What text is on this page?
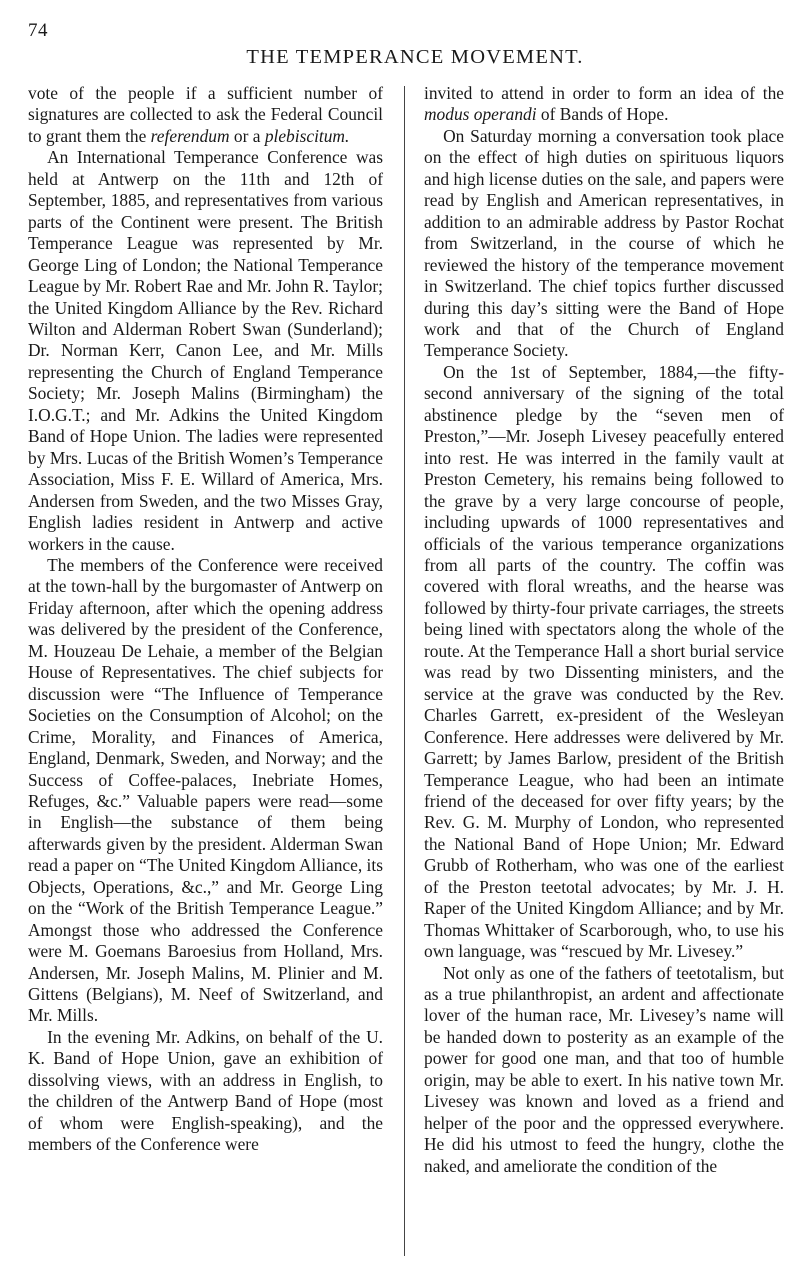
74
THE TEMPERANCE MOVEMENT.

vote of the people if a sufficient number of signatures are collected to ask the Federal Council to grant them the referendum or a plebiscitum.

An International Temperance Conference was held at Antwerp on the 11th and 12th of September, 1885, and representatives from various parts of the Continent were present. The British Temperance League was represented by Mr. George Ling of London; the National Temperance League by Mr. Robert Rae and Mr. John R. Taylor; the United Kingdom Alliance by the Rev. Richard Wilton and Alderman Robert Swan (Sunderland); Dr. Norman Kerr, Canon Lee, and Mr. Mills representing the Church of England Temperance Society; Mr. Joseph Malins (Birmingham) the I.O.G.T.; and Mr. Adkins the United Kingdom Band of Hope Union. The ladies were represented by Mrs. Lucas of the British Women’s Temperance Association, Miss F. E. Willard of America, Mrs. Andersen from Sweden, and the two Misses Gray, English ladies resident in Antwerp and active workers in the cause.

The members of the Conference were received at the town-hall by the burgomaster of Antwerp on Friday afternoon, after which the opening address was delivered by the president of the Conference, M. Houzeau De Lehaie, a member of the Belgian House of Representatives. The chief subjects for discussion were “The Influence of Temperance Societies on the Consumption of Alcohol; on the Crime, Morality, and Finances of America, England, Denmark, Sweden, and Norway; and the Success of Coffee-palaces, Inebriate Homes, Refuges, &c.” Valuable papers were read—some in English—the substance of them being afterwards given by the president. Alderman Swan read a paper on “The United Kingdom Alliance, its Objects, Operations, &c.,” and Mr. George Ling on the “Work of the British Temperance League.” Amongst those who addressed the Conference were M. Goemans Baroesius from Holland, Mrs. Andersen, Mr. Joseph Malins, M. Plinier and M. Gittens (Belgians), M. Neef of Switzerland, and Mr. Mills.

In the evening Mr. Adkins, on behalf of the U. K. Band of Hope Union, gave an exhibition of dissolving views, with an address in English, to the children of the Antwerp Band of Hope (most of whom were English-speaking), and the members of the Conference were

invited to attend in order to form an idea of the modus operandi of Bands of Hope.

On Saturday morning a conversation took place on the effect of high duties on spirituous liquors and high license duties on the sale, and papers were read by English and American representatives, in addition to an admirable address by Pastor Rochat from Switzerland, in the course of which he reviewed the history of the temperance movement in Switzerland. The chief topics further discussed during this day’s sitting were the Band of Hope work and that of the Church of England Temperance Society.

On the 1st of September, 1884,—the fifty-second anniversary of the signing of the total abstinence pledge by the “seven men of Preston,”—Mr. Joseph Livesey peacefully entered into rest. He was interred in the family vault at Preston Cemetery, his remains being followed to the grave by a very large concourse of people, including upwards of 1000 representatives and officials of the various temperance organizations from all parts of the country. The coffin was covered with floral wreaths, and the hearse was followed by thirty-four private carriages, the streets being lined with spectators along the whole of the route. At the Temperance Hall a short burial service was read by two Dissenting ministers, and the service at the grave was conducted by the Rev. Charles Garrett, ex-president of the Wesleyan Conference. Here addresses were delivered by Mr. Garrett; by James Barlow, president of the British Temperance League, who had been an intimate friend of the deceased for over fifty years; by the Rev. G. M. Murphy of London, who represented the National Band of Hope Union; Mr. Edward Grubb of Rotherham, who was one of the earliest of the Preston teetotal advocates; by Mr. J. H. Raper of the United Kingdom Alliance; and by Mr. Thomas Whittaker of Scarborough, who, to use his own language, was “rescued by Mr. Livesey.”

Not only as one of the fathers of teetotalism, but as a true philanthropist, an ardent and affectionate lover of the human race, Mr. Livesey’s name will be handed down to posterity as an example of the power for good one man, and that too of humble origin, may be able to exert. In his native town Mr. Livesey was known and loved as a friend and helper of the poor and the oppressed everywhere. He did his utmost to feed the hungry, clothe the naked, and ameliorate the condition of the
